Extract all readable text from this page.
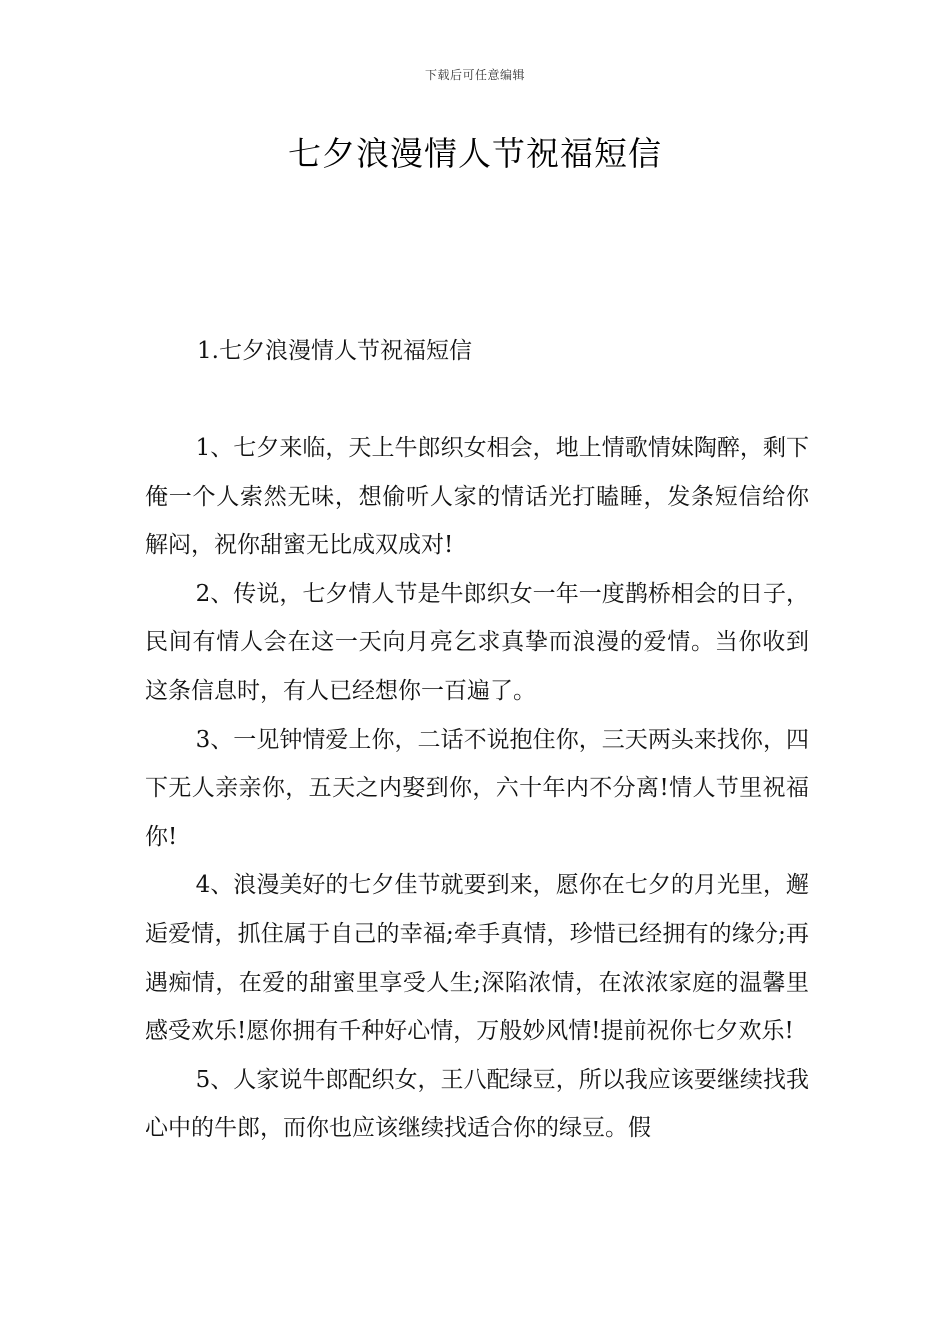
下载后可任意编辑
七夕浪漫情人节祝福短信
1.七夕浪漫情人节祝福短信

1、七夕来临，天上牛郎织女相会，地上情歌情妹陶醉，剩下俺一个人索然无味，想偷听人家的情话光打瞌睡，发条短信给你解闷，祝你甜蜜无比成双成对!

2、传说，七夕情人节是牛郎织女一年一度鹊桥相会的日子，民间有情人会在这一天向月亮乞求真挚而浪漫的爱情。当你收到这条信息时，有人已经想你一百遍了。

3、一见钟情爱上你，二话不说抱住你，三天两头来找你，四下无人亲亲你，五天之内娶到你，六十年内不分离!情人节里祝福你!

4、浪漫美好的七夕佳节就要到来，愿你在七夕的月光里，邂逅爱情，抓住属于自己的幸福;牵手真情，珍惜已经拥有的缘分;再遇痴情，在爱的甜蜜里享受人生;深陷浓情，在浓浓家庭的温馨里感受欢乐!愿你拥有千种好心情，万般妙风情!提前祝你七夕欢乐!

5、人家说牛郎配织女，王八配绿豆，所以我应该要继续找我心中的牛郎，而你也应该继续找适合你的绿豆。假
